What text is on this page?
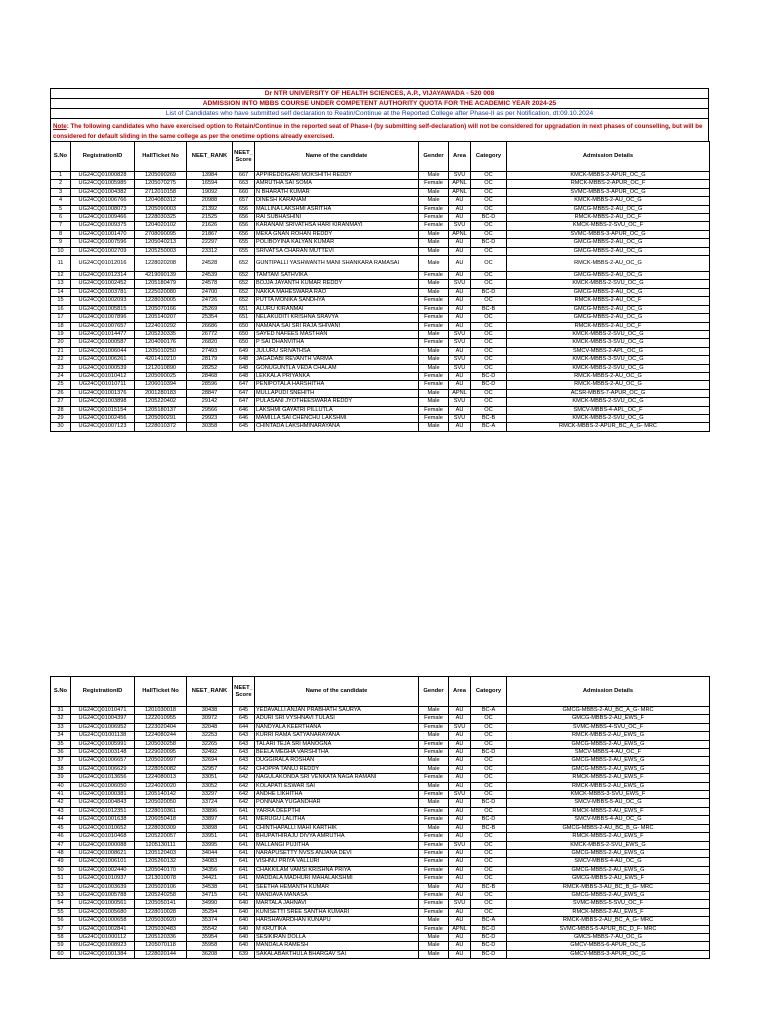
Dr NTR UNIVERSITY OF HEALTH SCIENCES, A.P., VIJAYAWADA - 520 008
ADMISSION INTO MBBS COURSE UNDER COMPETENT AUTHORITY QUOTA FOR THE ACADEMIC YEAR 2024-25
List of Candidates who have submitted self declaration to Reatin/Continue at the Reported College after Phase-II as per Notification, dt:09.10.2024
Note: The following candidates who have exercised option to Retain/Continue in the reported seat of Phase-I (by submitting self-declaration) will not be considered for upgradation in next phases of counselling, but will be considered for default sliding in the same college as per the onetime options already exercised.
S.No	RegistrationID	HallTicket No	NEET_RANK	NEET_ Score	Name of the candidate	Gender	Area	Category	Admission Details
1	UG24CQ01000828	1205090269	13984	667	APPIREDDIGARI MOKSHITH REDDY	Male	SVU	OC	KMCK-MBBS-2-APUR_OC_G
2	UG24CQ01005985	1205070275	16594	663	AMRUTHA SAI SOMA	Female	APNL	OC	RMCK-MBBS-2-APUR_OC_F
3	UG24CQ01004382	2712010158	19092	660	N BHARATH KUMAR	Male	APNL	OC	SVMC-MBBS-3-APUR_OC_G
4	UG24CQ01006766	1204080312	20988	657	DINESH KARANAM	Male	AU	OC	KMCK-MBBS-2-AU_OC_G
5	UG24CQ01008073	1205090003	21392	656	MALLINA LAKSHMI ASRITHA	Female	AU	OC	GMCG-MBBS-2-AU_OC_G
6	UG24CQ01009466	1228030325	21525	656	RAI SUBHASHINI	Female	AU	BC-D	RMCK-MBBS-2-AU_OC_F
7	UG24CQ01009375	1204020102	21626	656	KARANAM SRIVATHSA HARI KIRANMAYI	Female	SVU	OC	KMCK-MBBS-2-SVU_OC_F
8	UG24CQ01001470	2708090095	21867	656	MEKA GNAN ROHAN REDDY	Male	APNL	OC	SVMC-MBBS-3-APUR_OC_G
9	UG24CQ01007596	1205040213	22297	655	POLIBOYINA KALYAN KUMAR	Male	AU	BC-D	GMCG-MBBS-2-AU_OC_G
10	UG24CQ01002709	1205250003	23312	655	SRIVATSA CHARAN MUTTEVI	Male	AU	OC	GMCG-MBBS-2-AU_OC_G
11	UG24CQ01012016	1228020208	24528	652	GUNTIPALLI YASHWANTH MANI SHANKARA RAMASAI	Male	AU	OC	RMCK-MBBS-2-AU_OC_G
12	UG24CQ01012314	4219090139	24539	652	TAMTAM SATHVIKA	Female	AU	OC	GMCG-MBBS-2-AU_OC_G
13	UG24CQ01002452	1205180479	24578	652	BOJJA JAYANTH KUMAR REDDY	Male	SVU	OC	KMCK-MBBS-2-SVU_OC_G
14	UG24CQ01003781	1225020080	24700	652	NAKKA MAHESWARA RAO	Male	AU	BC-D	GMCG-MBBS-2-AU_OC_G
15	UG24CQ01002093	1228030005	24726	652	PUTTA MONIKA SANDHYA	Female	AU	OC	RMCK-MBBS-2-AU_OC_F
16	UG24CQ01005815	1205070166	25269	651	ALURU KIRANMAI	Female	AU	BC-B	GMCG-MBBS-2-AU_OC_G
17	UG24CQ01007896	1205140207	25354	651	NELAKUDITI KRISHNA SRAVYA	Female	AU	OC	GMCG-MBBS-2-AU_OC_G
18	UG24CQ01007657	1224010292	26686	650	NAMANA SAI SRI RAJA SHIVANI	Female	AU	OC	RMCK-MBBS-2-AU_OC_F
19	UG24CQ01014477	1205230335	26772	650	SAYED NAFEES MASTHAN	Male	SVU	OC	KMCK-MBBS-2-SVU_OC_G
20	UG24CQ01000587	1204090176	26820	650	P SAI DHANVITHA	Female	SVU	OC	KMCK-MBBS-3-SVU_OC_G
21	UG24CQ01006044	1205010250	27493	649	JULURU SRIVATHSA	Male	AU	OC	SMCV-MBBS-2-APL_OC_G
22	UG24CQ01006261	4201410210	28179	648	JAGADABI REVANTH VARMA	Male	SVU	OC	KMCK-MBBS-3-SVU_OC_G
23	UG24CQ01000539	1212010890	28252	648	GONUGUNTLA VEDA CHALAM	Male	SVU	OC	KMCK-MBBS-2-SVU_OC_G
24	UG24CQ01010412	1205090025	28468	648	LEKKALA PRIYANKA	Female	AU	BC-D	RMCK-MBBS-2-AU_OC_G
25	UG24CQ01010711	1206010394	28596	647	PENIPOTALA HARSHITHA	Female	AU	BC-D	RMCK-MBBS-2-AU_OC_G
26	UG24CQ01001376	2001280183	28847	647	MULLAPUDI SNEHITH	Male	APNL	OC	ACSR-MBBS-7-APUR_OC_G
27	UG24CQ01003898	1205220402	29142	647	PULASANI JYOTHEESWARA REDDY	Male	SVU	OC	KMCK-MBBS-2-SVU_OC_G
28	UG24CQ01015154	1205180137	29566	646	LAKSHMI GAYATRI PILLUTLA	Female	AU	OC	SMCV-MBBS-4-APL_OC_F
29	UG24CQ01002456	1205090291	29923	646	MAMILLA SAI CHENCHU LAKSHMI	Female	SVU	BC-B	KMCK-MBBS-2-SVU_OC_G
30	UG24CQ01007123	1228010372	30358	645	CHINTADA LAKSHMINARAYANA	Male	AU	BC-A	RMCK-MBBS-2-APUR_BC_A_G- MRC
S.No	RegistrationID	HallTicket No	NEET_RANK	NEET_ Score	Name of the candidate	Gender	Area	Category	Admission Details
31	UG24CQ01010471	1201030018	30438	645	YEDAVALLI ANJAN PRABHATH SAURYA	Male	AU	BC-A	GMCG-MBBS-2-AU_BC_A_G- MRC
32	UG24CQ01004397	1222010955	30972	645	ADURI SRI VYSHNAVI TULASI	Female	AU	OC	GMCG-MBBS-2-AU_EWS_F
33	UG24CQ01006952	1223020404	32048	644	NANDYALA KEERTHANA	Female	SVU	OC	SVMC-MBBS-4-SVU_OC_F
34	UG24CQ01001138	1224080244	32253	643	KURRI RAMA SATYANARAYANA	Male	AU	OC	RMCK-MBBS-2-AU_EWS_G
35	UG24CQ01005991	1205030258	32265	643	TALARI TEJA SRI MANOGNA	Female	AU	OC	GMCG-MBBS-2-AU_EWS_G
36	UG24CQ01003148	1229020095	32492	643	BEELA MEGHA VARSHITHA	Female	AU	BC-D	SMCV-MBBS-4-AU_OC_F
37	UG24CQ01006657	1205020997	32694	643	DUGGIRALA ROSHAN	Male	AU	OC	GMCG-MBBS-2-AU_EWS_G
38	UG24CQ01006629	1228050082	32957	642	CHOPPA TANUJ REDDY	Male	AU	OC	GMCG-MBBS-2-AU_EWS_G
39	UG24CQ01013656	1224080013	33051	642	NAGULAKONDA SRI VENKATA NAGA RAMANI	Female	AU	OC	RMCK-MBBS-2-AU_EWS_F
40	UG24CQ01006050	1224020020	33052	642	KOLAPATI ESWAR SAI	Male	AU	OC	RMCK-MBBS-2-AU_EWS_G
41	UG24CQ01000381	1205140142	33297	642	ANDHE LIKHITHA	Female	SVU	OC	KMCK-MBBS-3-SVU_EWS_F
42	UG24CQ01004843	1205020050	33724	642	PONNANA YUGANDHAR	Male	AU	BC-D	SMCV-MBBS-5-AU_OC_G
43	UG24CQ01012351	1228010361	33896	641	YARRA DEEPTHI	Female	AU	OC	RMCK-MBBS-2-AU_EWS_F
44	UG24CQ01001638	1206050418	33897	641	MERUGU LALITHA	Female	AU	BC-D	SMCV-MBBS-4-AU_OC_G
45	UG24CQ01010652	1228030309	33898	641	CHINTHAPALLI MAHI KARTHIK	Male	AU	BC-B	GMCG-MBBS-2-AU_BC_B_G- MRC
46	UG24CQ01010468	1205220057	33951	641	BHUPATHIRAJU DIVYA AMRUTHA	Female	AU	OC	RMCK-MBBS-2-AU_EWS_F
47	UG24CQ01000088	1205130111	33995	641	MALLANGI PUJITHA	Female	SVU	OC	KMCK-MBBS-2-SVU_EWS_G
48	UG24CQ01008621	1205120403	34044	641	NARAPUSETTY NVSS ANJANA DEVI	Female	AU	OC	GMCG-MBBS-2-AU_EWS_G
49	UG24CQ01006101	1205260132	34083	641	VISHNU PRIYA VALLURI	Female	AU	OC	SMCV-MBBS-4-AU_OC_G
50	UG24CQ01002440	1205040170	34356	641	CHAKKILAM VAMSI KRISHNA PRIYA	Female	AU	OC	GMCG-MBBS-2-AU_EWS_G
51	UG24CQ01010937	1213010078	34421	641	MADDALA MADHURI MAHALAKSHMI	Female	AU	OC	GMCG-MBBS-2-AU_EWS_F
52	UG24CQ01003639	1205020106	34538	641	SEETHA HEMANTH KUMAR	Male	AU	BC-B	RMCK-MBBS-3-AU_BC_B_G- MRC
53	UG24CQ01005788	1205240258	34715	641	MANDAVA MANASA	Female	AU	OC	GMCG-MBBS-2-AU_EWS_G
54	UG24CQ01000561	1205050141	34990	640	MARTALA JAHNAVI	Female	SVU	OC	SVMC-MBBS-5-SVU_OC_F
55	UG24CQ01005680	1228010028	35294	640	KUNISETTI SREE SANTHA KUMARI	Female	AU	OC	RMCK-MBBS-2-AU_EWS_F
56	UG24CQ01000658	1205030920	35374	640	HARSHAVARDHAN KUNAPU	Male	AU	BC-A	RMCK-MBBS-2-AU_BC_A_G- MRC
57	UG24CQ01002841	1205030483	35542	640	M KRUTIKA	Female	APNL	BC-D	SVMC-MBBS-5-APUR_BC_D_F- MRC
58	UG24CQ01000112	1205120336	35954	640	SESIKIRAN DOLLA	Male	AU	BC-D	GMCS-MBBS-7-AU_OC_G
59	UG24CQ01008923	1205070118	35958	640	MANDALA RAMESH	Male	AU	BC-D	GMCV-MBBS-6-APUR_OC_G
60	UG24CQ01001384	1228020144	36208	639	SAKALABAKTHULA BHARGAV SAI	Male	AU	BC-D	GMCV-MBBS-3-APUR_OC_G
